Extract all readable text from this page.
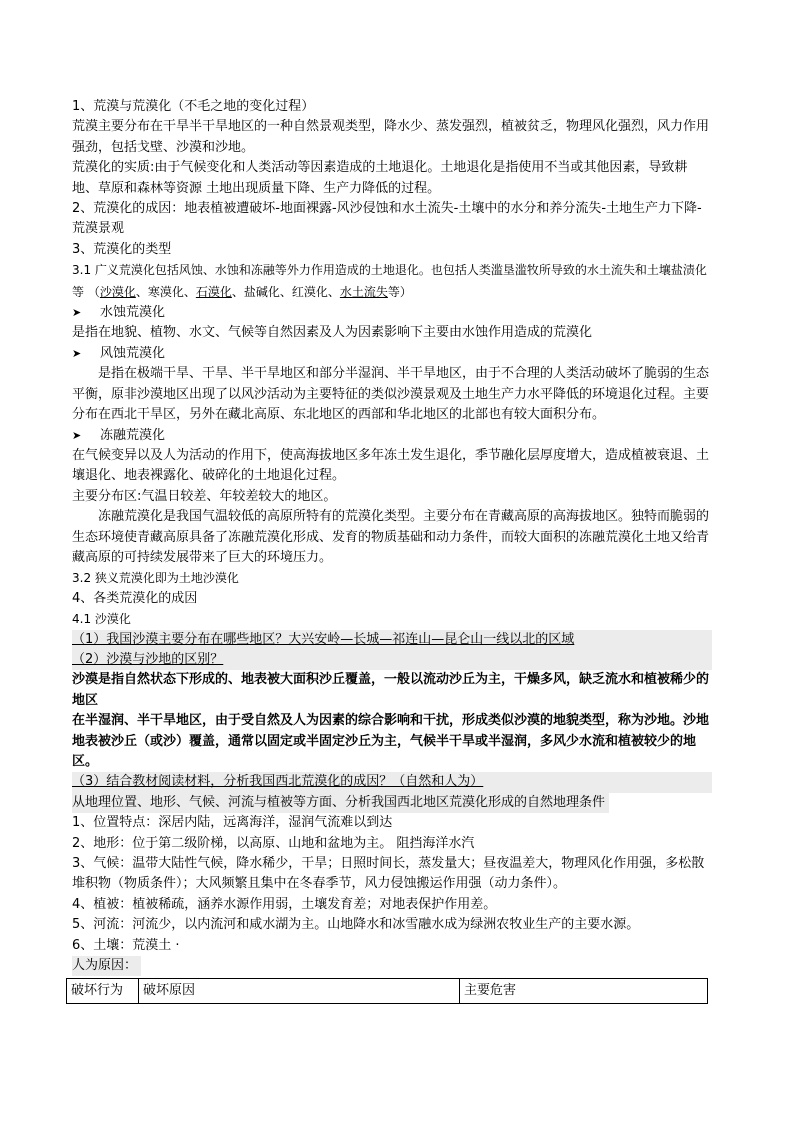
1、荒漠与荒漠化（不毛之地的变化过程）

荒漠主要分布在干旱半干旱地区的一种自然景观类型，降水少、蒸发强烈，植被贫乏，物理风化强烈，风力作用强劲，包括戈壁、沙漠和沙地。

荒漠化的实质:由于气候变化和人类活动等因素造成的土地退化。土地退化是指使用不当或其他因素，导致耕地、草原和森林等资源 土地出现质量下降、生产力降低的过程。

2、荒漠化的成因：地表植被遭破坏-地面裸露-风沙侵蚀和水土流失-土壤中的水分和养分流失-土地生产力下降-荒漠景观

3、荒漠化的类型

3.1 广义荒漠化包括风蚀、水蚀和冻融等外力作用造成的土地退化。也包括人类滥垦滥牧所导致的水土流失和土壤盐渍化等 （沙漠化、寒漠化、石漠化、盐碱化、红漠化、水土流失等）

➤	水蚀荒漠化

是指在地貌、植物、水文、气候等自然因素及人为因素影响下主要由水蚀作用造成的荒漠化

➤	风蚀荒漠化

是指在极端干旱、干旱、半干旱地区和部分半湿润、半干旱地区，由于不合理的人类活动破坏了脆弱的生态平衡，原非沙漠地区出现了以风沙活动为主要特征的类似沙漠景观及土地生产力水平降低的环境退化过程。主要分布在西北干旱区，另外在藏北高原、东北地区的西部和华北地区的北部也有较大面积分布。

➤	冻融荒漠化

在气候变异以及人为活动的作用下，使高海拔地区多年冻土发生退化，季节融化层厚度增大，造成植被衰退、土壤退化、地表裸露化、破碎化的土地退化过程。

主要分布区:气温日较差、年较差较大的地区。

冻融荒漠化是我国气温较低的高原所特有的荒漠化类型。主要分布在青藏高原的高海拔地区。独特而脆弱的生态环境使青藏高原具备了冻融荒漠化形成、发育的物质基础和动力条件，而较大面积的冻融荒漠化土地又给青藏高原的可持续发展带来了巨大的环境压力。

3.2 狭义荒漠化即为土地沙漠化

4、各类荒漠化的成因

4.1 沙漠化

（1）我国沙漠主要分布在哪些地区？大兴安岭—长城—祁连山—昆仑山一线以北的区域

（2）沙漠与沙地的区别？

沙漠是指自然状态下形成的、地表被大面积沙丘覆盖，一般以流动沙丘为主，干燥多风，缺乏流水和植被稀少的地区

在半湿润、半干旱地区，由于受自然及人为因素的综合影响和干扰，形成类似沙漠的地貌类型，称为沙地。沙地地表被沙丘（或沙）覆盖，通常以固定或半固定沙丘为主，气候半干旱或半湿润，多风少水流和植被较少的地区。

（3）结合教材阅读材料，分析我国西北荒漠化的成因？（自然和人为）

从地理位置、地形、气候、河流与植被等方面、分析我国西北地区荒漠化形成的自然地理条件

1、位置特点：深居内陆，远离海洋，湿润气流难以到达

2、地形：位于第二级阶梯，以高原、山地和盆地为主。 阻挡海洋水汽

3、气候：温带大陆性气候，降水稀少，干旱；日照时间长，蒸发量大；昼夜温差大，物理风化作用强，多松散堆积物（物质条件）；大风频繁且集中在冬春季节，风力侵蚀搬运作用强（动力条件）。

4、植被：植被稀疏，涵养水源作用弱，土壤发育差；对地表保护作用差。

5、河流：河流少，以内流河和咸水湖为主。山地降水和冰雪融水成为绿洲农牧业生产的主要水源。

6、土壤：荒漠土 ·

人为原因：

破坏行为	破坏原因	主要危害
